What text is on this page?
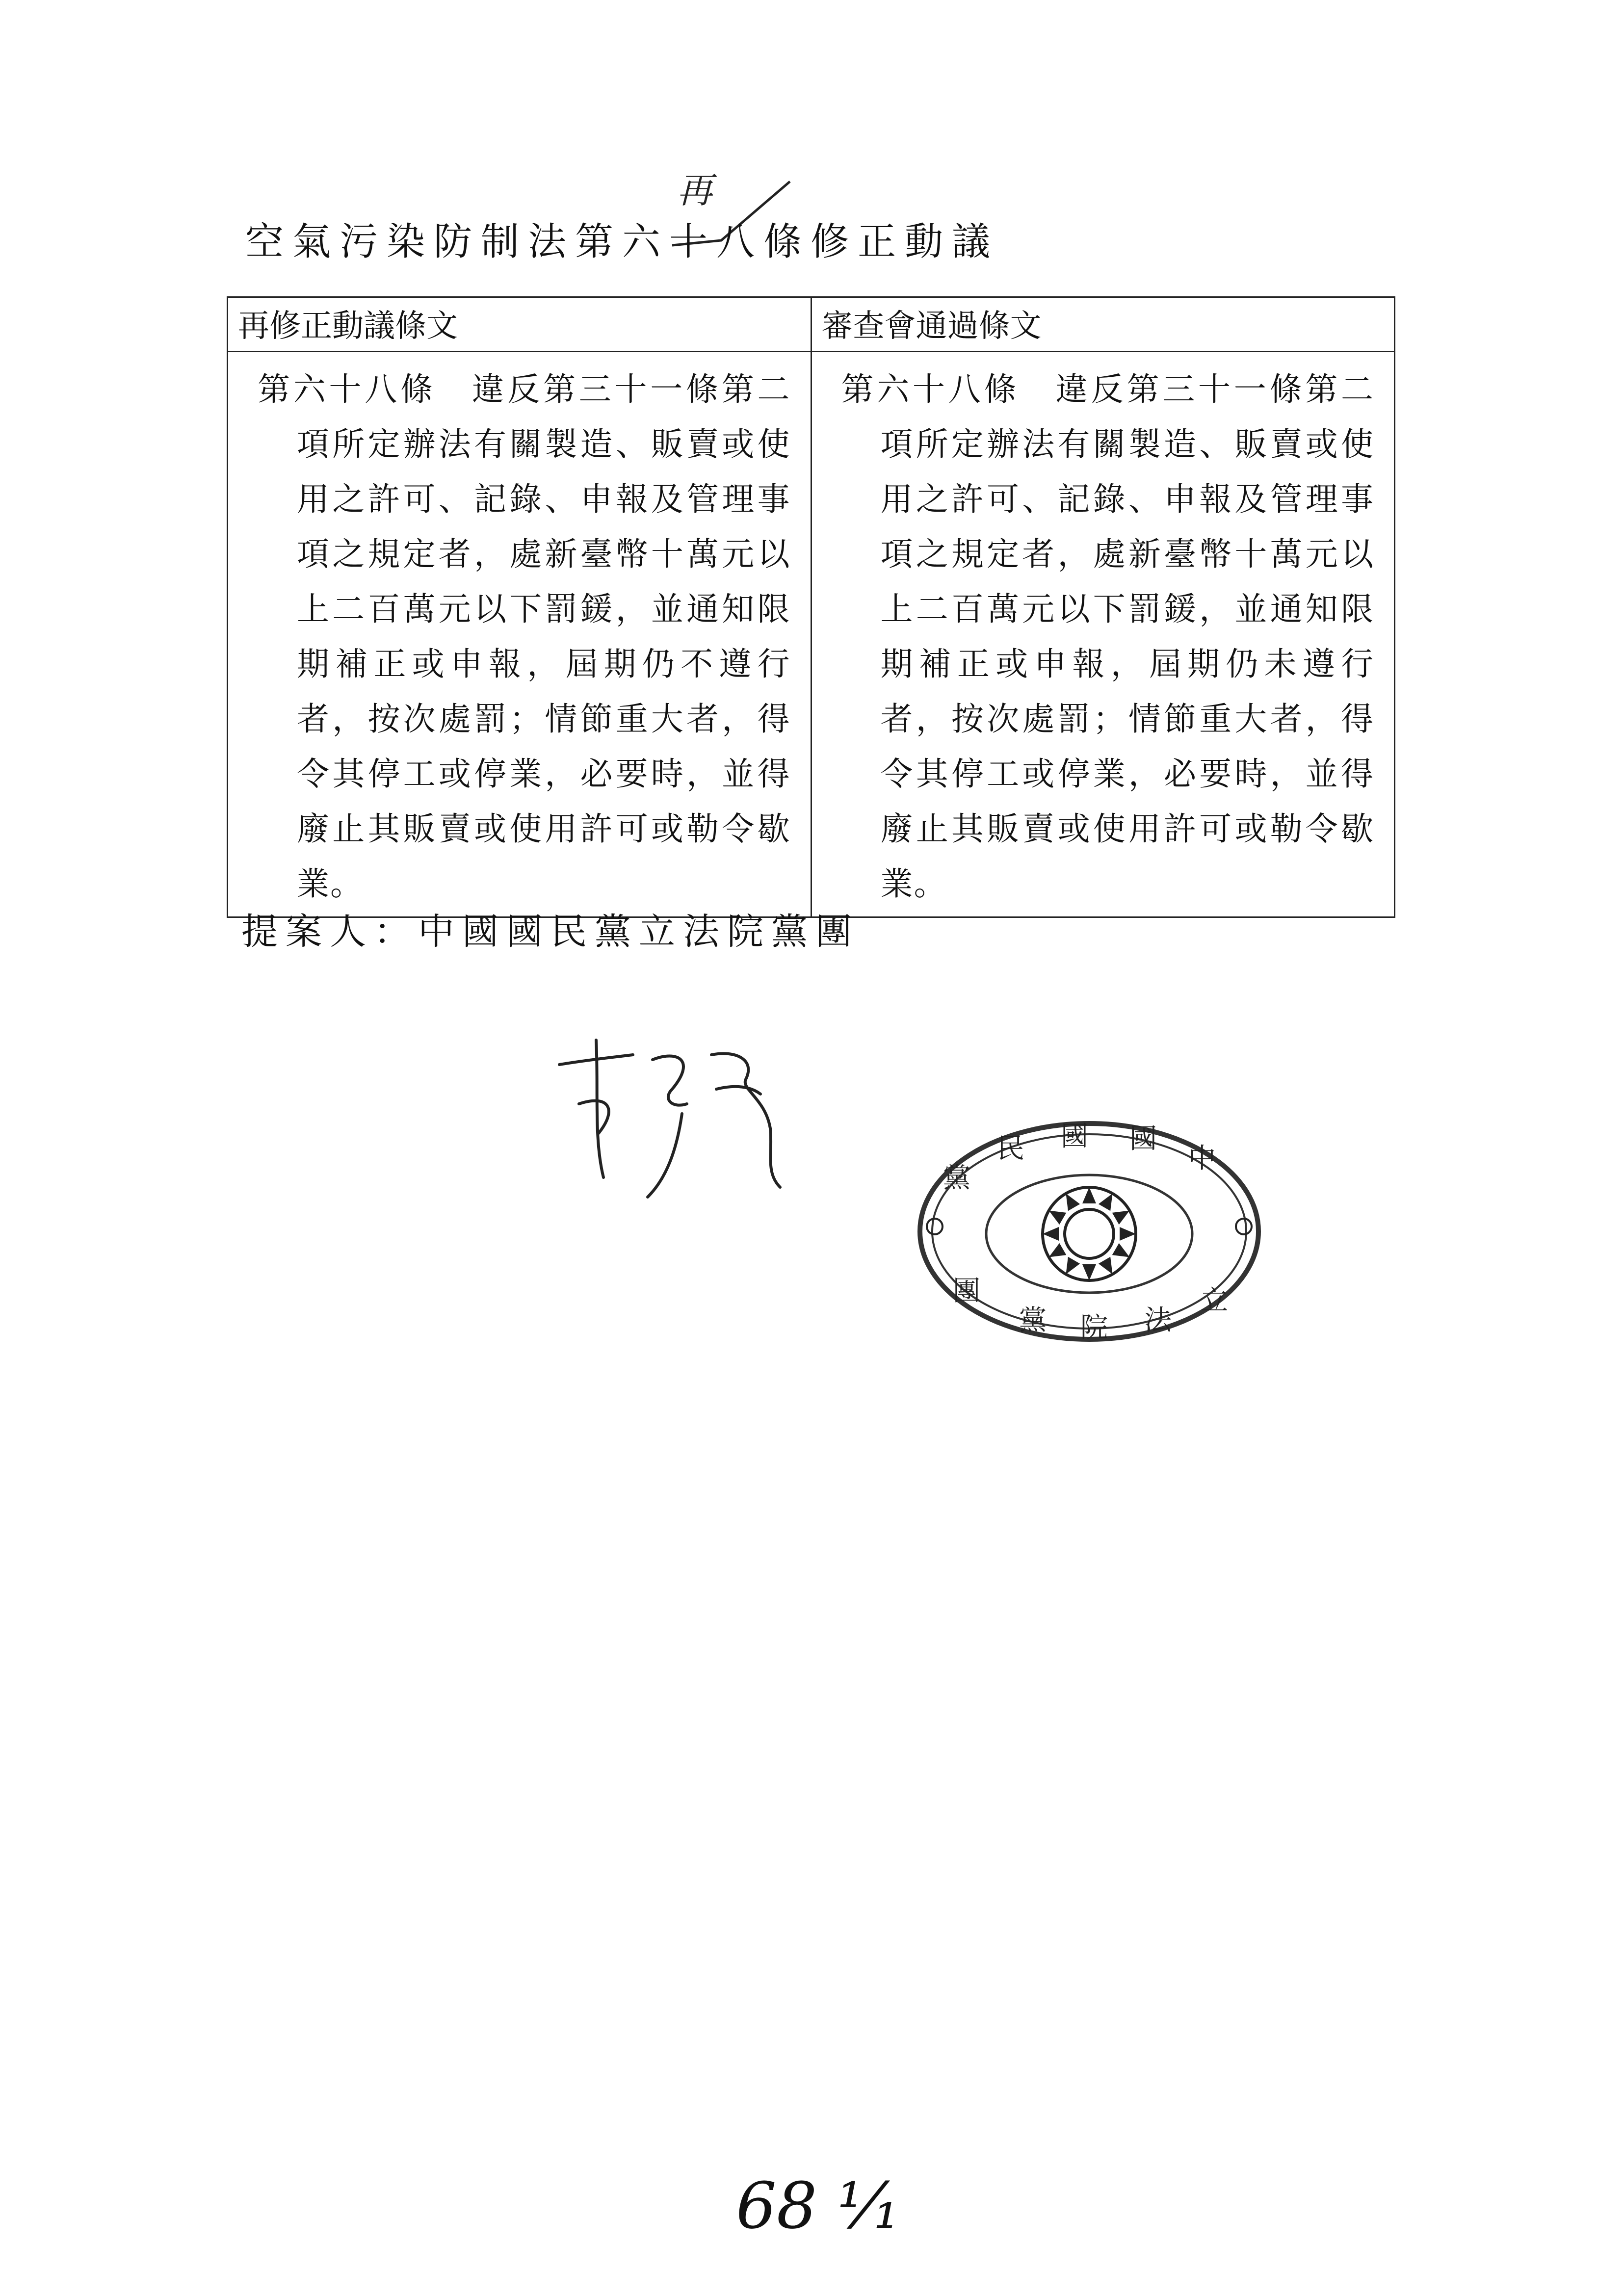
再
空氣污染防制法第六十八條修正動議
再修正動議條文	審查會通過條文

第六十八條　違反第三十一條第二項所定辦法有關製造、販賣或使用之許可、記錄、申報及管理事項之規定者，處新臺幣十萬元以上二百萬元以下罰鍰，並通知限期補正或申報，屆期仍不遵行者，按次處罰；情節重大者，得令其停工或停業，必要時，並得廢止其販賣或使用許可或勒令歇業。	第六十八條　違反第三十一條第二項所定辦法有關製造、販賣或使用之許可、記錄、申報及管理事項之規定者，處新臺幣十萬元以上二百萬元以下罰鍰，並通知限期補正或申報，屆期仍未遵行者，按次處罰；情節重大者，得令其停工或停業，必要時，並得廢止其販賣或使用許可或勒令歇業。

提案人：中國國民黨立法院黨團
中
國
國
民
黨
立
法
院
黨
團
68 ¹⁄₁
